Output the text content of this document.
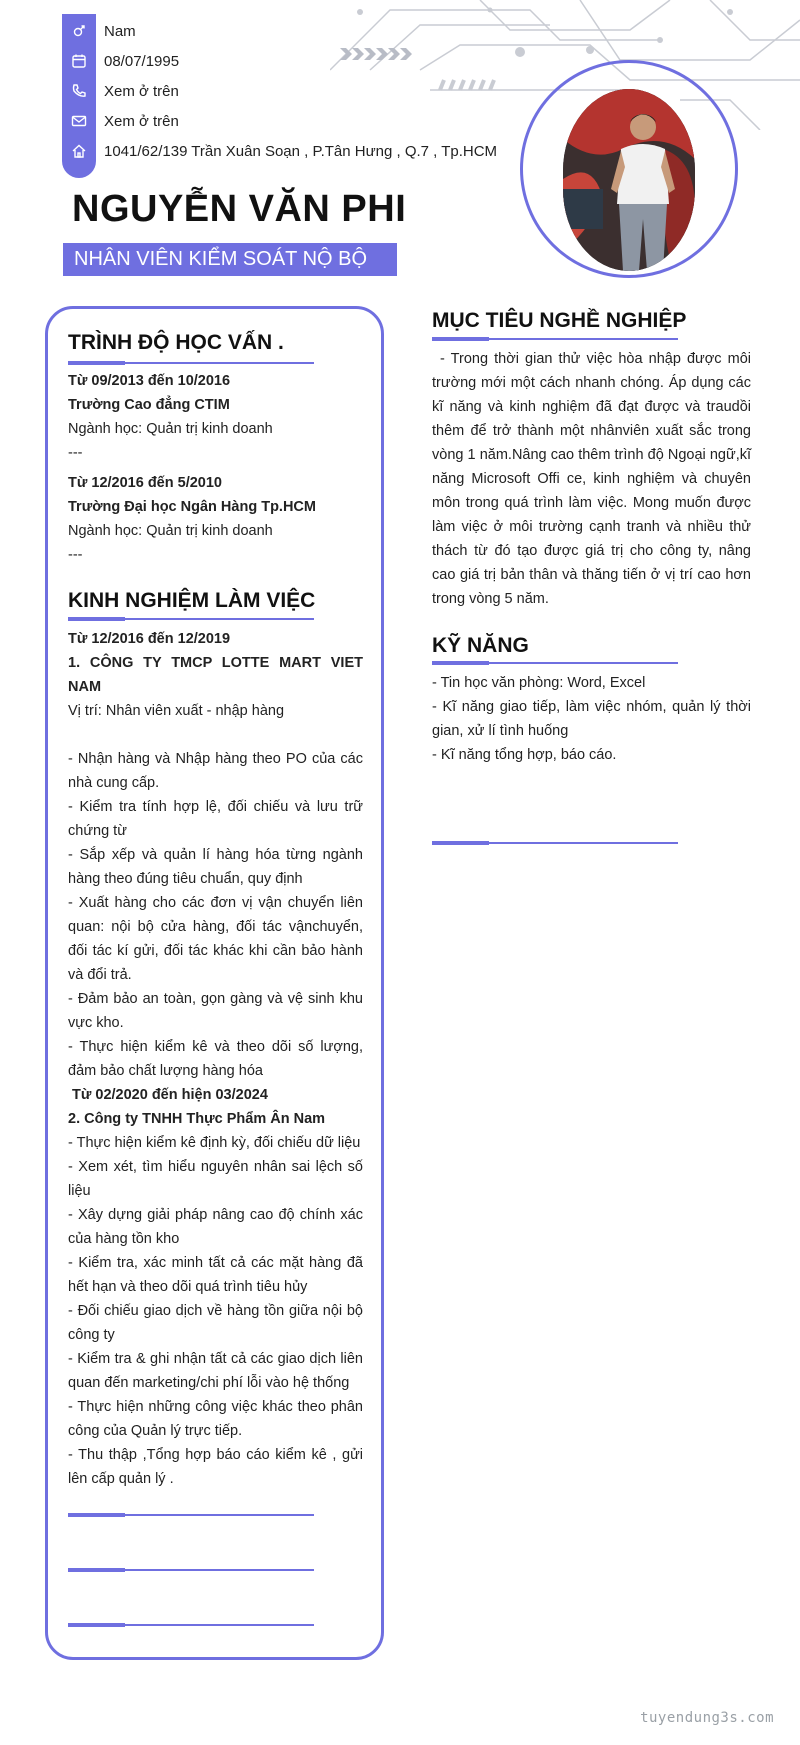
Nam
08/07/1995
Xem ở trên
Xem ở trên
1041/62/139 Trần Xuân Soạn , P.Tân Hưng , Q.7 , Tp.HCM
NGUYỄN VĂN PHI
NHÂN VIÊN KIỂM SOÁT NỘ BỘ
TRÌNH ĐỘ HỌC VẤN .

Từ 09/2013 đến 10/2016

Trường Cao đẳng CTIM

Ngành học: Quản trị kinh doanh

---

Từ 12/2016 đến 5/2010

Trường Đại học Ngân Hàng Tp.HCM

Ngành học: Quản trị kinh doanh

---

KINH NGHIỆM LÀM VIỆC

Từ 12/2016 đến 12/2019

1. CÔNG TY TMCP LOTTE MART VIET NAM

Vị trí: Nhân viên xuất - nhập hàng

- Nhận hàng và Nhập hàng theo PO của các nhà cung cấp.

- Kiểm tra tính hợp lệ, đối chiếu và lưu trữ chứng từ

- Sắp xếp và quản lí hàng hóa từng ngành hàng theo đúng tiêu chuẩn, quy định

- Xuất hàng cho các đơn vị vận chuyển liên quan: nội bộ cửa hàng, đối tác vậnchuyển, đối tác kí gửi, đối tác khác khi cần bảo hành và đổi trả.

- Đảm bảo an toàn, gọn gàng và vệ sinh khu vực kho.

- Thực hiện kiểm kê và theo dõi số lượng, đảm bảo chất lượng hàng hóa

Từ 02/2020 đến hiện 03/2024

2. Công ty TNHH Thực Phẩm Ân Nam

- Thực hiện kiểm kê định kỳ, đối chiếu dữ liệu

- Xem xét, tìm hiểu nguyên nhân sai lệch số liệu

- Xây dựng giải pháp nâng cao độ chính xác của hàng tồn kho

- Kiểm tra, xác minh tất cả các mặt hàng đã hết hạn và theo dõi quá trình tiêu hủy

- Đối chiếu giao dịch về hàng tồn giữa nội bộ công ty

- Kiểm tra & ghi nhận tất cả các giao dịch liên quan đến marketing/chi phí lỗi vào hệ thống

- Thực hiện những công việc khác theo phân công của Quản lý trực tiếp.

- Thu thập ,Tổng hợp báo cáo kiểm kê , gửi lên cấp quản lý .

MỤC TIÊU NGHỀ NGHIỆP

- Trong thời gian thử việc hòa nhập được môi trường mới một cách nhanh chóng. Áp dụng các kĩ năng và kinh nghiệm đã đạt được và traudồi thêm để trở thành một nhânviên xuất sắc trong vòng 1 năm.Nâng cao thêm trình độ Ngoại ngữ,kĩ năng Microsoft Offi ce, kinh nghiệm và chuyên môn trong quá trình làm việc. Mong muốn được làm việc ở môi trường cạnh tranh và nhiều thử thách từ đó tạo được giá trị cho công ty, nâng cao giá trị bản thân và thăng tiến ở vị trí cao hơn trong vòng 5 năm.

KỸ NĂNG

- Tin học văn phòng: Word, Excel

- Kĩ năng giao tiếp, làm việc nhóm, quản lý thời gian, xử lí tình huống

- Kĩ năng tổng hợp, báo cáo.

tuyendung3s.com
